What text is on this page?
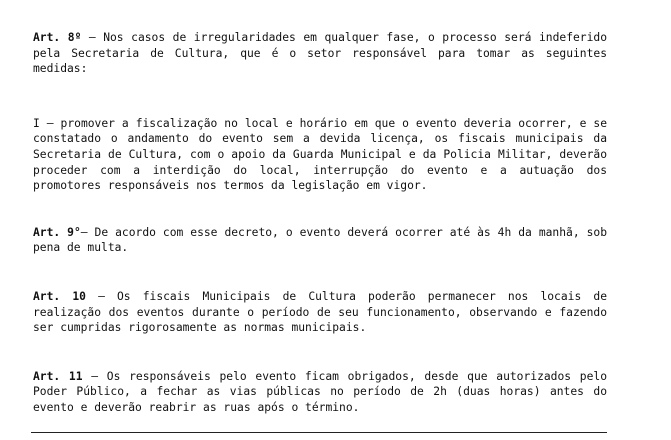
Art. 8º – Nos casos de irregularidades em qualquer fase, o processo será indeferido pela Secretaria de Cultura, que é o setor responsável para tomar as seguintes medidas:

I – promover a fiscalização no local e horário em que o evento deveria ocorrer, e se constatado o andamento do evento sem a devida licença, os fiscais municipais da Secretaria de Cultura, com o apoio da Guarda Municipal e da Policia Militar, deverão proceder com a interdição do local, interrupção do evento e a autuação dos promotores responsáveis nos termos da legislação em vigor.

Art. 9°– De acordo com esse decreto, o evento deverá ocorrer até às 4h da manhã, sob pena de multa.

Art. 10 – Os fiscais Municipais de Cultura poderão permanecer nos locais de realização dos eventos durante o período de seu funcionamento, observando e fazendo ser cumpridas rigorosamente as normas municipais.

Art. 11 – Os responsáveis pelo evento ficam obrigados, desde que autorizados pelo Poder Público, a fechar as vias públicas no período de 2h (duas horas) antes do evento e deverão reabrir as ruas após o término.
